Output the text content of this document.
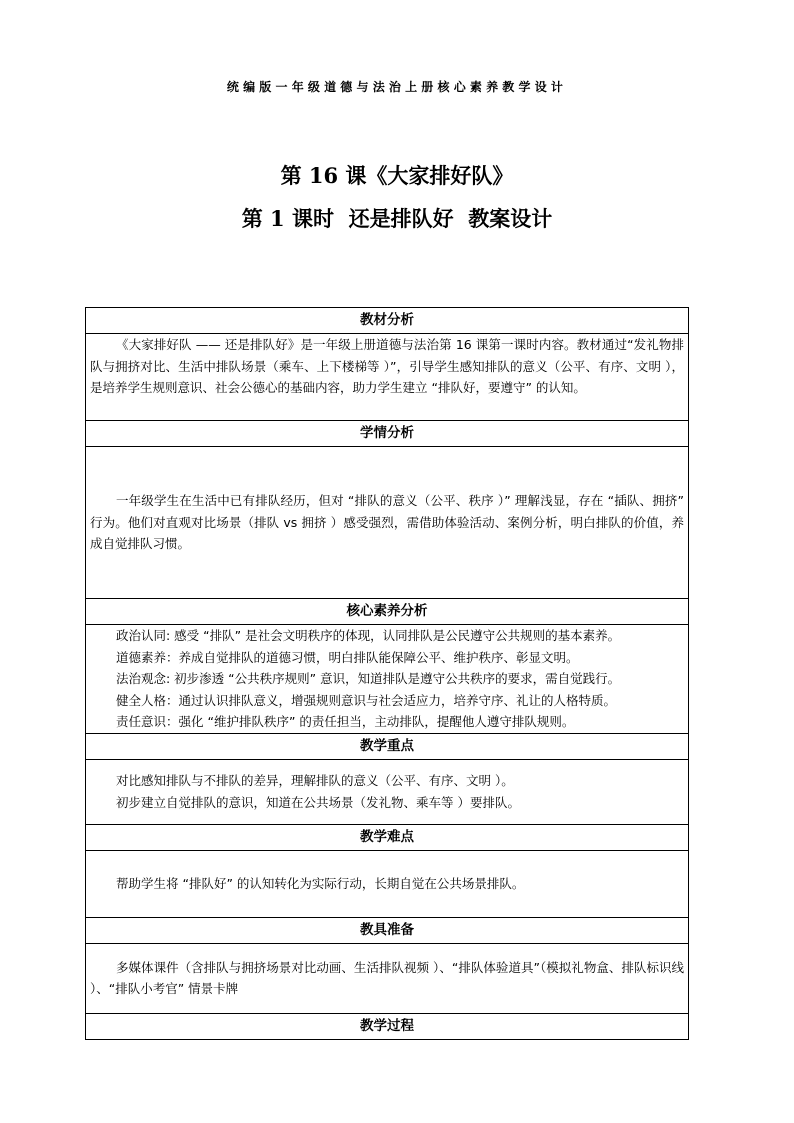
统编版一年级道德与法治上册核心素养教学设计
第 16 课《大家排好队》
第 1 课时  还是排队好  教案设计
教材分析

《大家排好队 —— 还是排队好》是一年级上册道德与法治第 16 课第一课时内容。教材通过“发礼物排队与拥挤对比、生活中排队场景（乘车、上下楼梯等 ）”，引导学生感知排队的意义（公平、有序、文明 ），是培养学生规则意识、社会公德心的基础内容，助力学生建立 “排队好，要遵守” 的认知。

学情分析

一年级学生在生活中已有排队经历，但对 “排队的意义（公平、秩序 ）” 理解浅显，存在 “插队、拥挤” 行为。他们对直观对比场景（排队 vs 拥挤 ）感受强烈，需借助体验活动、案例分析，明白排队的价值，养成自觉排队习惯。

核心素养分析

政治认同: 感受 “排队” 是社会文明秩序的体现，认同排队是公民遵守公共规则的基本素养。
道德素养：养成自觉排队的道德习惯，明白排队能保障公平、维护秩序、彰显文明。
法治观念: 初步渗透 “公共秩序规则” 意识，知道排队是遵守公共秩序的要求，需自觉践行。
健全人格：通过认识排队意义，增强规则意识与社会适应力，培养守序、礼让的人格特质。
责任意识：强化 “维护排队秩序” 的责任担当，主动排队，提醒他人遵守排队规则。

教学重点

对比感知排队与不排队的差异，理解排队的意义（公平、有序、文明 ）。
初步建立自觉排队的意识，知道在公共场景（发礼物、乘车等 ）要排队。

教学难点

帮助学生将 “排队好” 的认知转化为实际行动，长期自觉在公共场景排队。

教具准备

多媒体课件（含排队与拥挤场景对比动画、生活排队视频 ）、“排队体验道具”（模拟礼物盒、排队标识线 ）、“排队小考官” 情景卡牌

教学过程
